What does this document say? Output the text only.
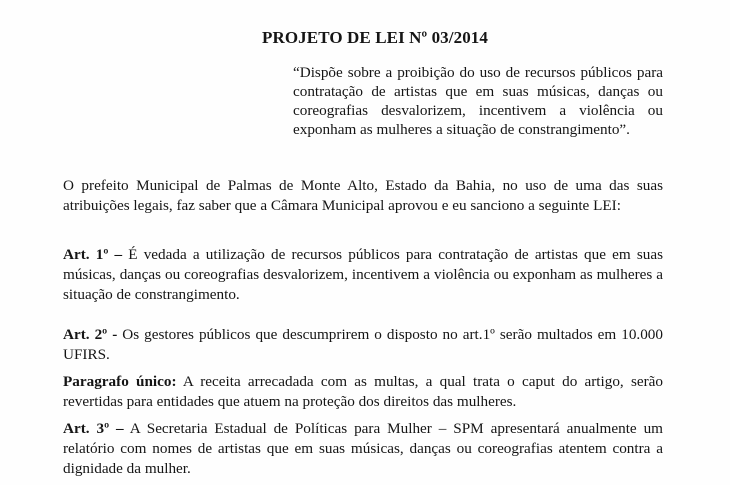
PROJETO DE LEI Nº 03/2014
“Dispõe sobre a proibição do uso de recursos públicos para contratação de artistas que em suas músicas, danças ou coreografias desvalorizem, incentivem a violência ou exponham as mulheres a situação de constrangimento”.
O prefeito Municipal de Palmas de Monte Alto, Estado da Bahia, no uso de uma das suas atribuições legais, faz saber que a Câmara Municipal aprovou e eu sanciono a seguinte LEI:
Art. 1º – É vedada a utilização de recursos públicos para contratação de artistas que em suas músicas, danças ou coreografias desvalorizem, incentivem a violência ou exponham as mulheres a situação de constrangimento.
Art. 2º - Os gestores públicos que descumprirem o disposto no art.1º serão multados em 10.000 UFIRS.
Paragrafo único: A receita arrecadada com as multas, a qual trata o caput do artigo, serão revertidas para entidades que atuem na proteção dos direitos das mulheres.
Art. 3º – A Secretaria Estadual de Políticas para Mulher – SPM apresentará anualmente um relatório com nomes de artistas que em suas músicas, danças ou coreografias atentem contra a dignidade da mulher.
